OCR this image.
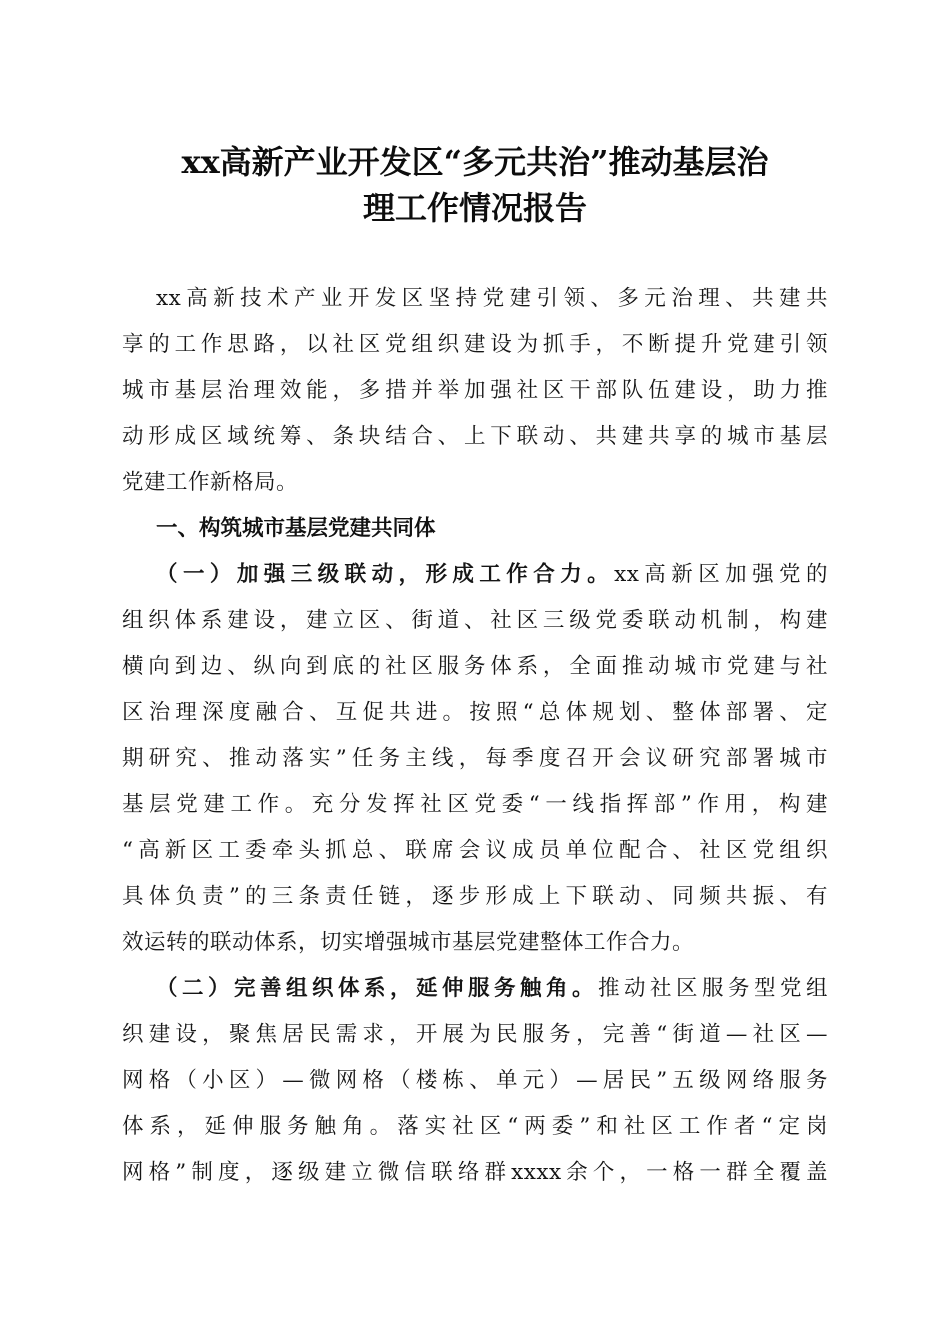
xx高新产业开发区“多元共治”推动基层治
理工作情况报告
xx高新技术产业开发区坚持党建引领、多元治理、共建共
享的工作思路，以社区党组织建设为抓手，不断提升党建引领
城市基层治理效能，多措并举加强社区干部队伍建设，助力推
动形成区域统筹、条块结合、上下联动、共建共享的城市基层
党建工作新格局。
一、构筑城市基层党建共同体
（一）加强三级联动，形成工作合力。xx高新区加强党的
组织体系建设，建立区、街道、社区三级党委联动机制，构建
横向到边、纵向到底的社区服务体系，全面推动城市党建与社
区治理深度融合、互促共进。按照“总体规划、整体部署、定
期研究、推动落实”任务主线，每季度召开会议研究部署城市
基层党建工作。充分发挥社区党委“一线指挥部”作用，构建
“高新区工委牵头抓总、联席会议成员单位配合、社区党组织
具体负责”的三条责任链，逐步形成上下联动、同频共振、有
效运转的联动体系，切实增强城市基层党建整体工作合力。
（二）完善组织体系，延伸服务触角。推动社区服务型党组
织建设，聚焦居民需求，开展为民服务，完善“街道—社区—
网格（小区）—微网格（楼栋、单元）—居民”五级网络服务
体系，延伸服务触角。落实社区“两委”和社区工作者“定岗
网格”制度，逐级建立微信联络群xxxx余个，一格一群全覆盖
